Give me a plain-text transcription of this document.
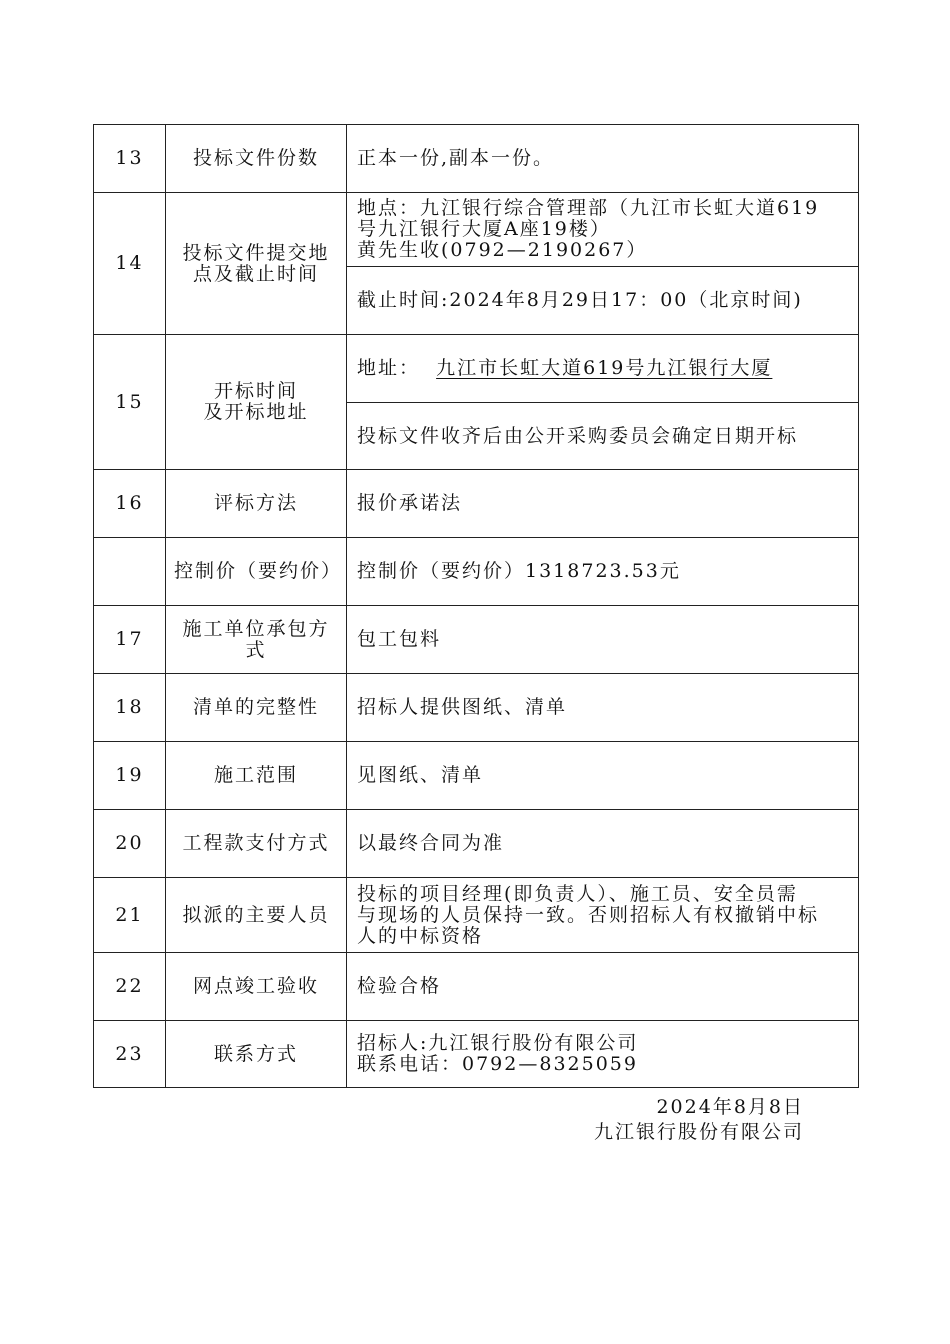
13	投标文件份数	正本一份,副本一份。
14	投标文件提交地点及截止时间	地点：九江银行综合管理部（九江市长虹大道619
号九江银行大厦A座19楼）
黄先生收(0792—2190267）

		截止时间:2024年8月29日17：00（北京时间)
15	开标时间
及开标地址	地址： 九江市长虹大道619号九江银行大厦
		投标文件收齐后由公开采购委员会确定日期开标
16	评标方法	报价承诺法
	控制价（要约价）	控制价（要约价）1318723.53元
17	施工单位承包方式	包工包料
18	清单的完整性	招标人提供图纸、清单
19	施工范围	见图纸、清单
20	工程款支付方式	以最终合同为准
21	拟派的主要人员	投标的项目经理(即负责人）、施工员、安全员需
与现场的人员保持一致。否则招标人有权撤销中标
人的中标资格

22	网点竣工验收	检验合格
23	联系方式	招标人:九江银行股份有限公司
联系电话：0792—8325059
2024年8月8日
九江银行股份有限公司
